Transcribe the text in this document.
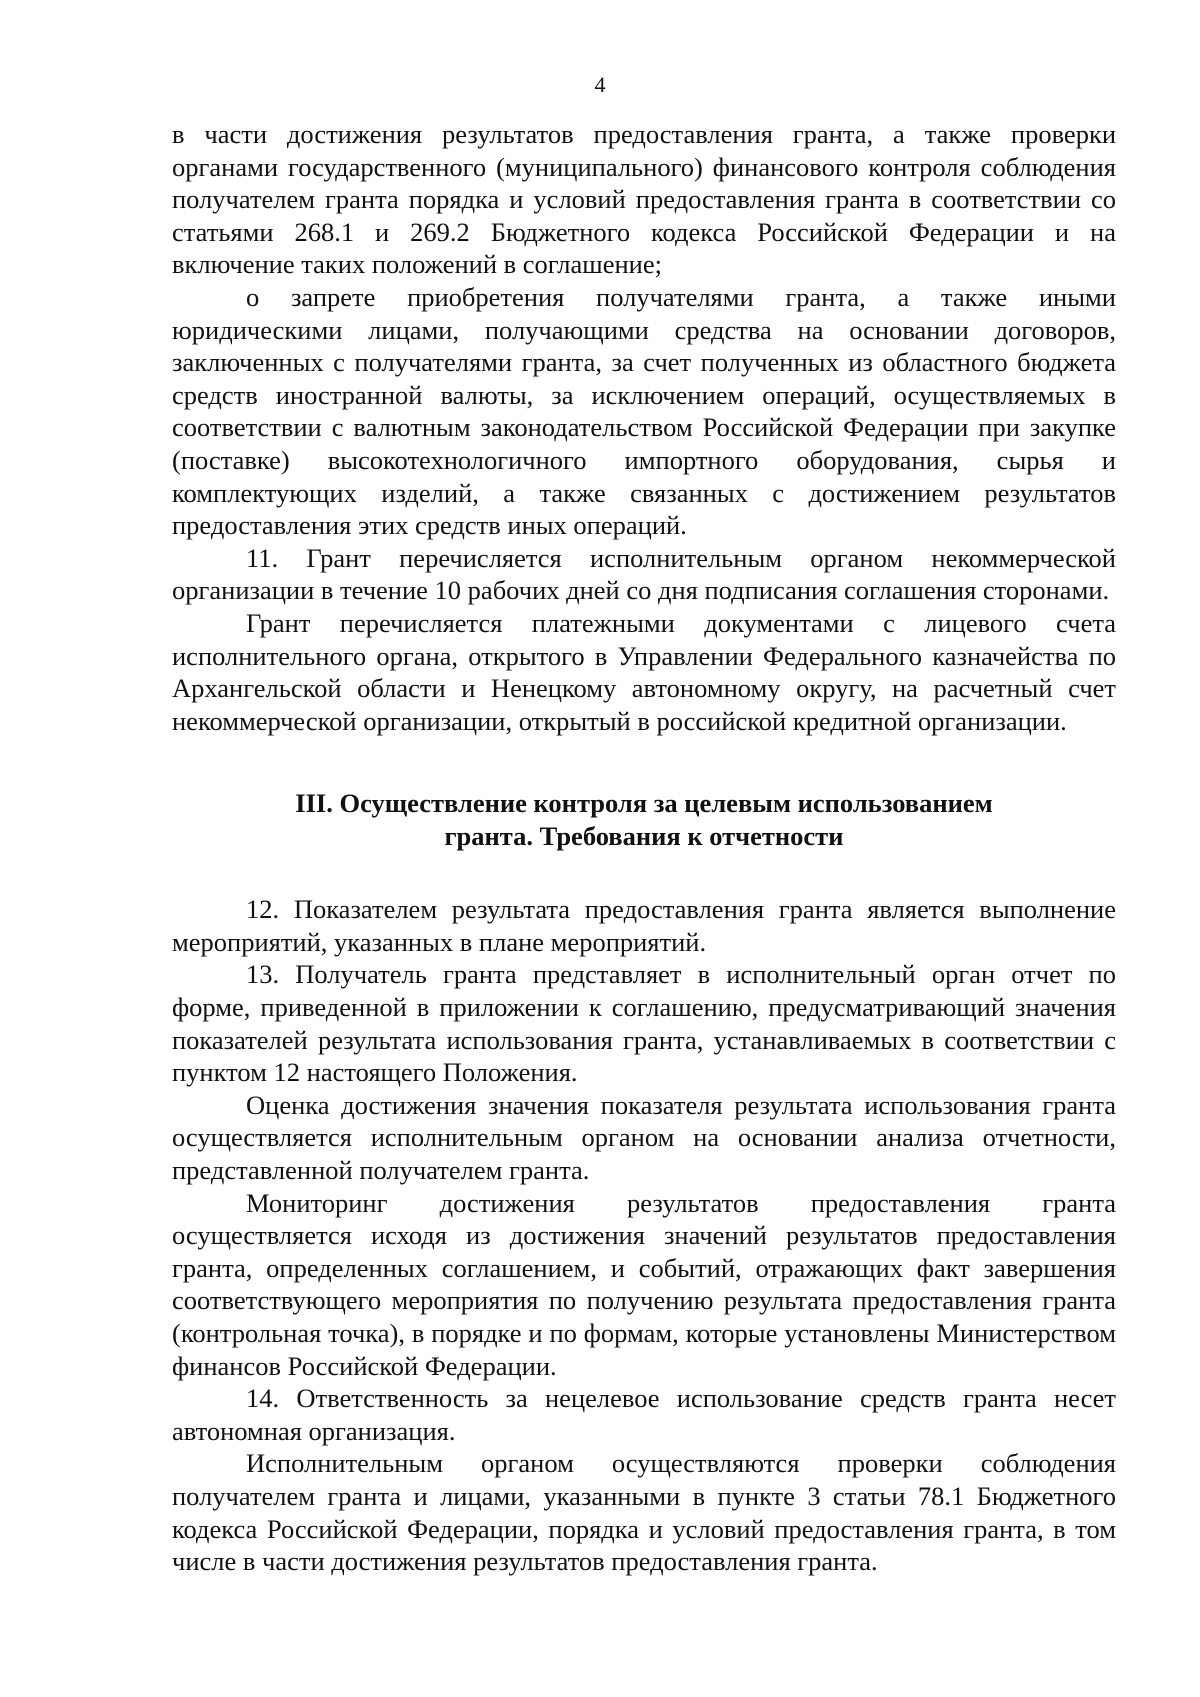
4

в части достижения результатов предоставления гранта, а также проверки органами государственного (муниципального) финансового контроля соблюдения получателем гранта порядка и условий предоставления гранта в соответствии со статьями 268.1 и 269.2 Бюджетного кодекса Российской Федерации и на включение таких положений в соглашение;

о запрете приобретения получателями гранта, а также иными юридическими лицами, получающими средства на основании договоров, заключенных с получателями гранта, за счет полученных из областного бюджета средств иностранной валюты, за исключением операций, осуществляемых в соответствии с валютным законодательством Российской Федерации при закупке (поставке) высокотехнологичного импортного оборудования, сырья и комплектующих изделий, а также связанных с достижением результатов предоставления этих средств иных операций.

11. Грант перечисляется исполнительным органом некоммерческой организации в течение 10 рабочих дней со дня подписания соглашения сторонами.

Грант перечисляется платежными документами с лицевого счета исполнительного органа, открытого в Управлении Федерального казначейства по Архангельской области и Ненецкому автономному округу, на расчетный счет некоммерческой организации, открытый в российской кредитной организации.

III. Осуществление контроля за целевым использованием
гранта. Требования к отчетности

12. Показателем результата предоставления гранта является выполнение мероприятий, указанных в плане мероприятий.

13. Получатель гранта представляет в исполнительный орган отчет по форме, приведенной в приложении к соглашению, предусматривающий значения показателей результата использования гранта, устанавливаемых в соответствии с пунктом 12 настоящего Положения.

Оценка достижения значения показателя результата использования гранта осуществляется исполнительным органом на основании анализа отчетности, представленной получателем гранта.

Мониторинг достижения результатов предоставления гранта осуществляется исходя из достижения значений результатов предоставления гранта, определенных соглашением, и событий, отражающих факт завершения соответствующего мероприятия по получению результата предоставления гранта (контрольная точка), в порядке и по формам, которые установлены Министерством финансов Российской Федерации.

14. Ответственность за нецелевое использование средств гранта несет автономная организация.

Исполнительным органом осуществляются проверки соблюдения получателем гранта и лицами, указанными в пункте 3 статьи 78.1 Бюджетного кодекса Российской Федерации, порядка и условий предоставления гранта, в том числе в части достижения результатов предоставления гранта.
